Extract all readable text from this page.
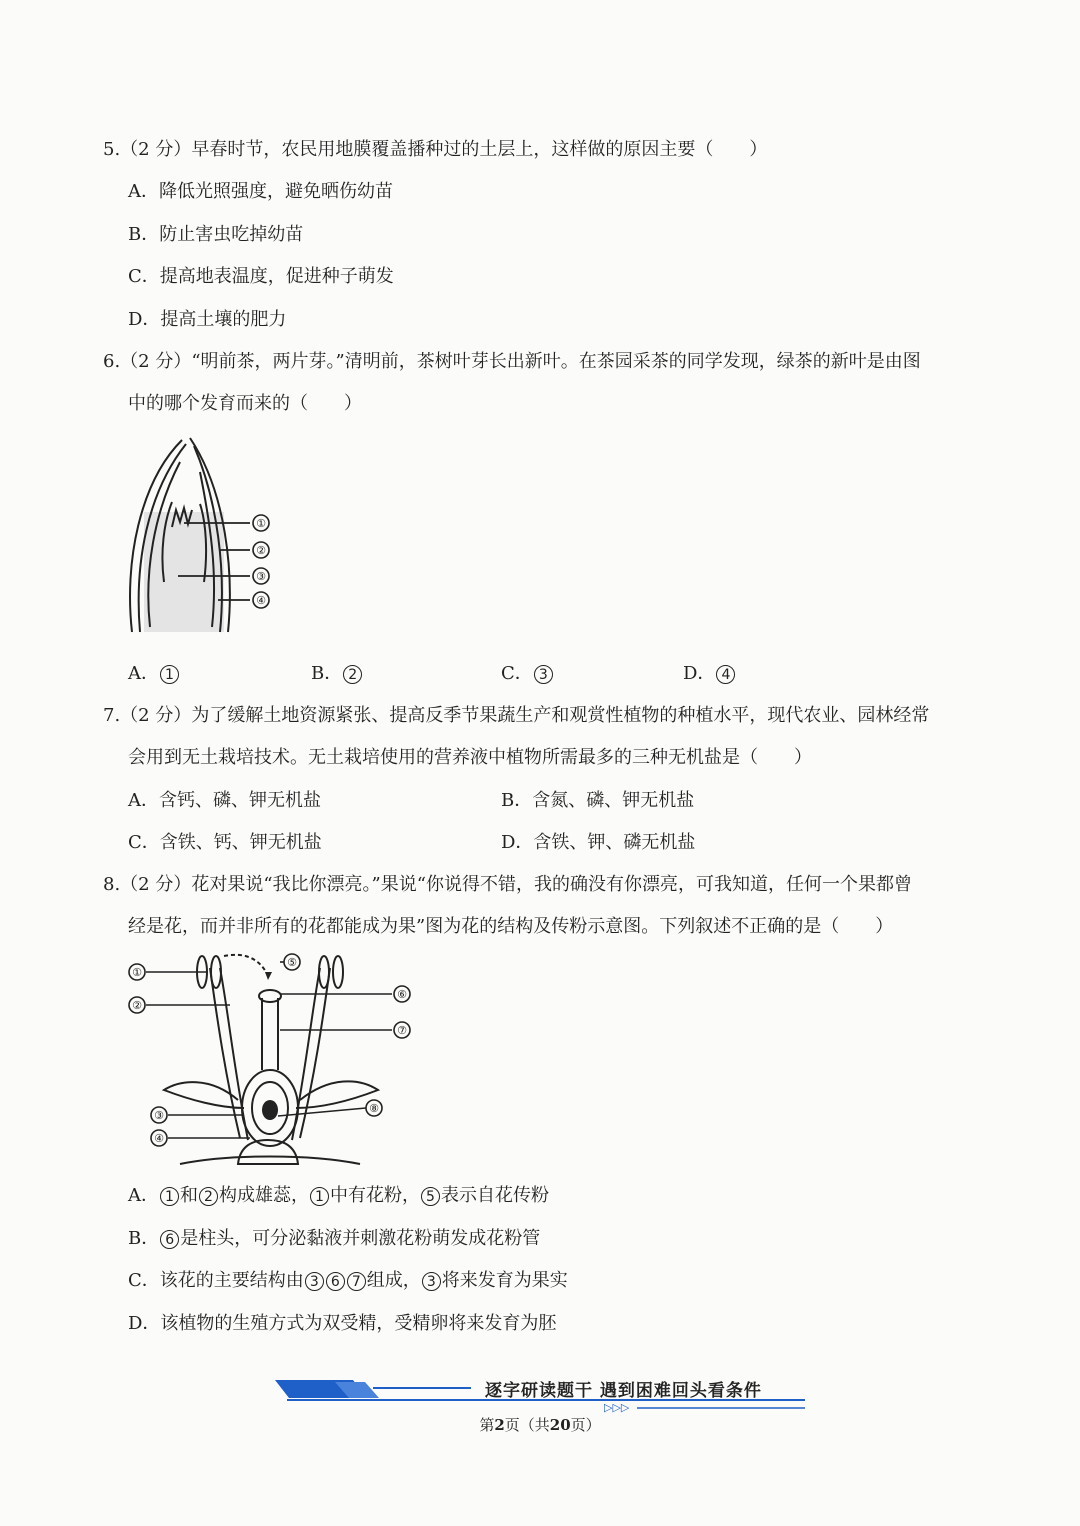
5.（2 分）早春时节，农民用地膜覆盖播种过的土层上，这样做的原因主要（　　）
A．降低光照强度，避免晒伤幼苗
B．防止害虫吃掉幼苗
C．提高地表温度，促进种子萌发
D．提高土壤的肥力
6.（2 分）“明前茶，两片芽。”清明前，茶树叶芽长出新叶。在茶园采茶的同学发现，绿茶的新叶是由图
中的哪个发育而来的（　　）
①
②
③
④
A． 1	B． 2	C． 3	D． 4
7.（2 分）为了缓解土地资源紧张、提高反季节果蔬生产和观赏性植物的种植水平，现代农业、园林经常
会用到无土栽培技术。无土栽培使用的营养液中植物所需最多的三种无机盐是（　　）
A．含钙、磷、钾无机盐	B．含氮、磷、钾无机盐
C．含铁、钙、钾无机盐	D．含铁、钾、磷无机盐
8.（2 分）花对果说“我比你漂亮。”果说“你说得不错，我的确没有你漂亮，可我知道，任何一个果都曾
经是花，而并非所有的花都能成为果”图为花的结构及传粉示意图。下列叙述不正确的是（　　）
①
②
③
④
⑤
⑥
⑦
⑧
A． 1 和 2 构成雄蕊， 1 中有花粉， 5 表示自花传粉
B． 6 是柱头，可分泌黏液并刺激花粉萌发成花粉管
C．该花的主要结构由 3 6 7 组成， 3 将来发育为果实
D．该植物的生殖方式为双受精，受精卵将来发育为胚
逐字研读题干 遇到困难回头看条件
▷▷▷
第2页（共20页）
